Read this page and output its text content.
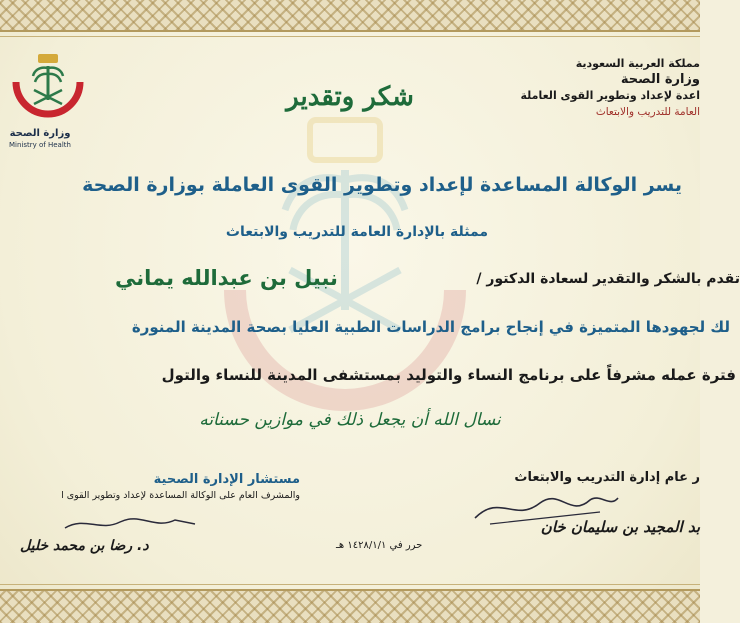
وزارة الصحة
Ministry of Health
مملكة العربية السعودية
وزارة الصحة
اعدة لإعداد وتطوير القوى العاملة
العامة للتدريب والابتعاث
شكر وتقدير
يسر الوكالة المساعدة لإعداد وتطوير القوى العاملة بوزارة الصحة
ممثلة بالإدارة العامة للتدريب والابتعاث
تقدم بالشكر والتقدير لسعادة الدكتور /
نبيل بن عبدالله يماني
لك لجهودها المتميزة في إنجاح برامج الدراسات الطبية العليا بصحة المدينة المنورة
فترة عمله مشرفاً على برنامج النساء والتوليد بمستشفى المدينة للنساء والتول
نسال الله أن يجعل ذلك في موازين حسناته
ر عام إدارة التدريب والابتعاث
بد المجيد بن سليمان خان
مستشار الإدارة الصحية
والمشرف العام على الوكالة المساعدة لإعداد وتطوير القوى ا
د. رضا بن محمد خليل	حرر في ١٤٢٨/١/١ هـ
